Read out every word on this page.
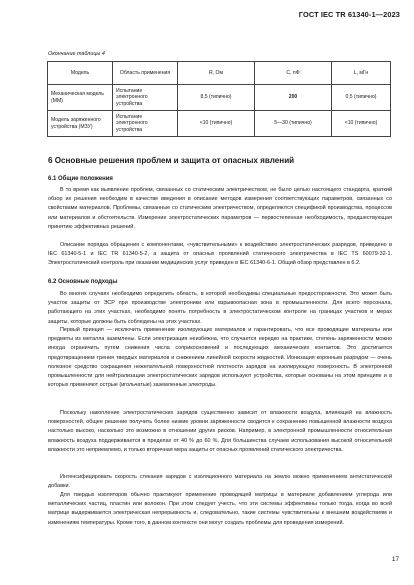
ГОСТ IEC TR 61340-1—2023
Окончание таблицы 4
Модель	Область применения	R, Ом	C, пФ	L, мГн
Механическая модель (ММ)	Испытание электронного устройства	8,5 (типично)	200	0,5 (типично)
Модель заряженного устройства (МЗУ)	Испытание электронного устройства	<10 (типично)	5—30 (типично)	<10 (типично)
6 Основные решения проблем и защита от опасных явлений
6.1 Общие положения

В то время как выявление проблем, связанных со статическим электричеством, не было целью настоящего стандарта, краткий обзор их решения необходим в качестве введения в описание методов измерения соответствующих параметров, связанных со свойствами материалов. Проблемы, связанные со статическим электричеством, определяются спецификой производства, процессов или материалов и обстоятельств. Измерение электростатических параметров — первостепенная необходимость, предшествующая принятию эффективных решений.

Описание порядка обращения с компонентами, «чувствительными» к воздействию электростатических разрядов, приведено в IEC 61340-5-1 и IEC TR 61340-5-2, а защита от опасных проявлений статического электричества в IEC TS 60079-32-1. Электростатический контроль при оказании медицинских услуг приведен в IEC 61340-6-1. Общий обзор представлен в 6.2.

6.2 Основные подходы

Во многих случаях необходимо определить область, в которой необходимы специальные предосторожности. Это может быть участок защиты от ЭСР при производстве электроники или взрывоопасная зона в промышленности. Для всего персонала, работающего на этих участках, необходимо понять потребность в электростатическом контроле на границах участков и мерах защиты, которые должны быть соблюдены на этих участках.

Первый принцип — исключить применение изолирующих материалов и гарантировать, что все проводящие материалы или предметы из металла заземлены. Если электризация неизбежна, что случается нередко на практике, степень заряженности можно иногда ограничить путем снижения числа соприкосновений и последующих механических контактов. Это достигается предотвращением трения твердых материалов и снижением линейной скорости жидкостей. Ионизация коронным разрядом — очень полезное средство сокращения нежелательной поверхностной плотности зарядов на изолирующую поверхность. В электронной промышленности для нейтрализации электростатических зарядов используют устройства, которые основаны на этом принципе и в которых применяют острые (игольчатые) заземленные электроды.

Поскольку накопление электростатических зарядов существенно зависит от влажности воздуха, влияющей на влажность поверхностей, общее решение получить более низкие уровни заряженности сводится к сохранению повышенной влажности воздуха настолько высоко, насколько это возможно в отношении других рисков. Например, в электронной промышленности относительная влажность воздуха поддерживается в пределах от 40 % до 60 %. Для большинства случаев использования высокой относительной влажности это неприемлемо, и только вторичная мера защиты от опасных проявлений статического электричества.

Интенсифицировать скорость стекания зарядов с изоляционного материала на землю можно применением антистатической добавки.

Для твердых изоляторов обычно практикуют применение проводящей матрицы в материале добавлением углерода или металлических частиц, пластин или волокон. При этом следует учесть, что эти системы эффективны только тогда, когда во всей матрице выдерживается электрическая непрерывность и, следовательно, такие системы чувствительны к внешним воздействиям и изменениям температуры. Кроме того, в данном контексте они могут создать проблемы для проведения измерений.

17
